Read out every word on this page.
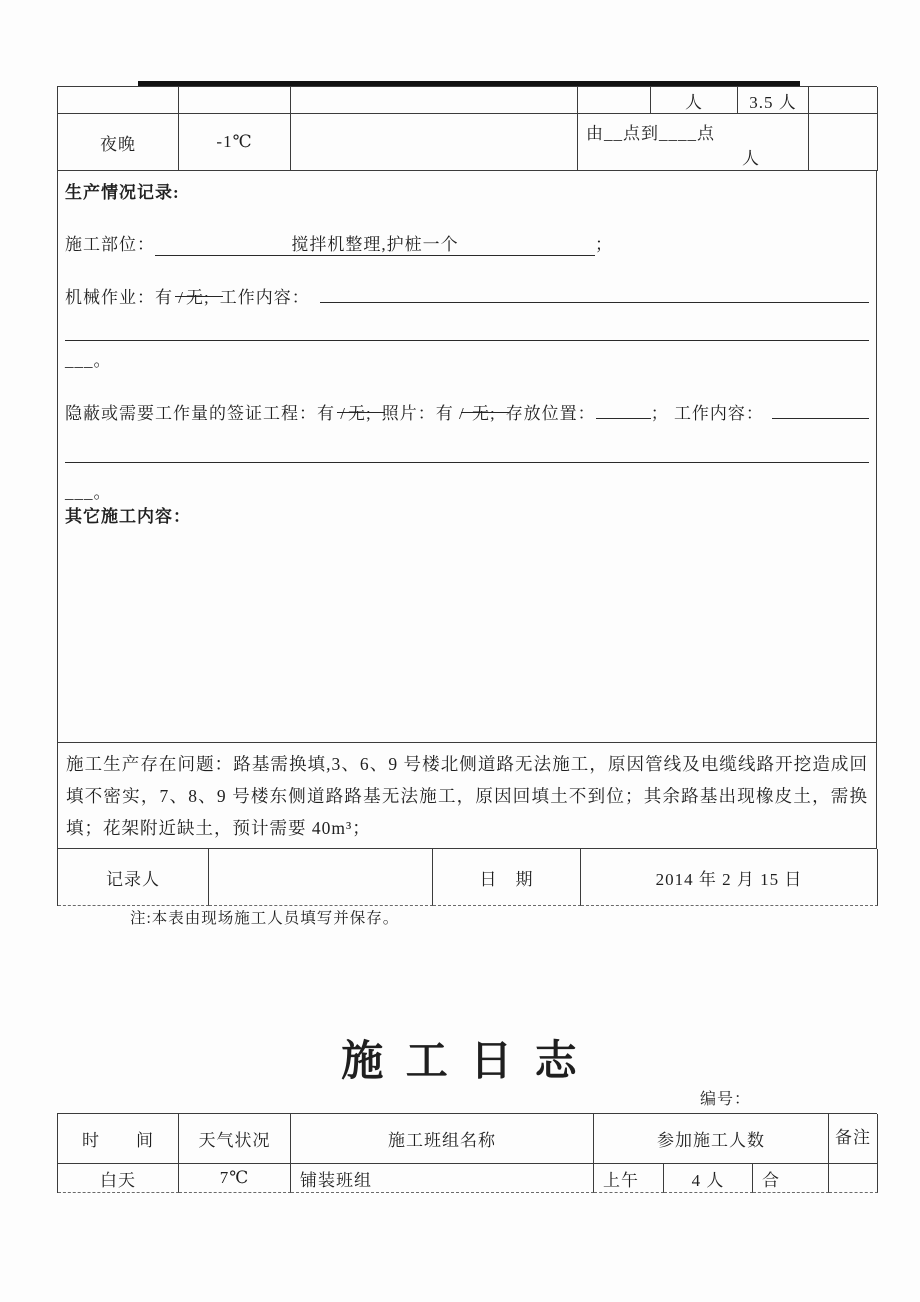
人	3.5 人
夜晚	-1℃	由__点到____点
人
生产情况记录:
施工部位：	搅拌机整理,护桩一个	；
机械作业：有 / 无; 工作内容：
___。
隐蔽或需要工作量的签证工程：有 / 无; 照片：有 / 无; 存放位置：	； 工作内容：
___。
其它施工内容：
施工生产存在问题：路基需换填,3、6、9 号楼北侧道路无法施工，原因管线及电缆线路开挖造成回填不密实，7、8、9 号楼东侧道路路基无法施工，原因回填土不到位；其余路基出现橡皮土，需换填；花架附近缺土，预计需要 40m³；
记录人	日　期	2014 年 2 月 15 日
注:本表由现场施工人员填写并保存。
施 工 日 志
编号：
时　　间	天气状况	施工班组名称	参加施工人数	备注
白天	7℃	铺装班组	上午	4 人	合
